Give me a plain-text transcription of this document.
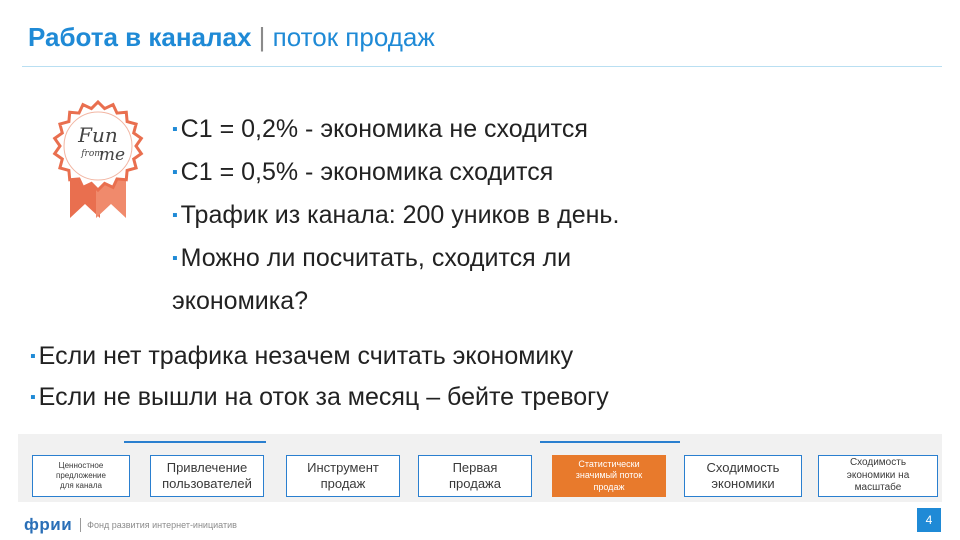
Работа в каналах | поток продаж
Fun
from
me
▪ C1 = 0,2% - экономика не сходится
▪ C1 = 0,5% - экономика сходится
▪ Трафик из канала: 200 уников в день.
▪ Можно ли посчитать, сходится ли
экономика?
▪ Если нет трафика незачем считать экономику
▪ Если не вышли на оток за месяц – бейте тревогу
Ценностное
предложение
для канала
Привлечение
пользователей
Инструмент
продаж
Первая
продажа
Статистически
значимый поток
продаж
Сходимость
экономики
Сходимость
экономики на
масштабе
фрии Фонд развития интернет-инициатив	4
